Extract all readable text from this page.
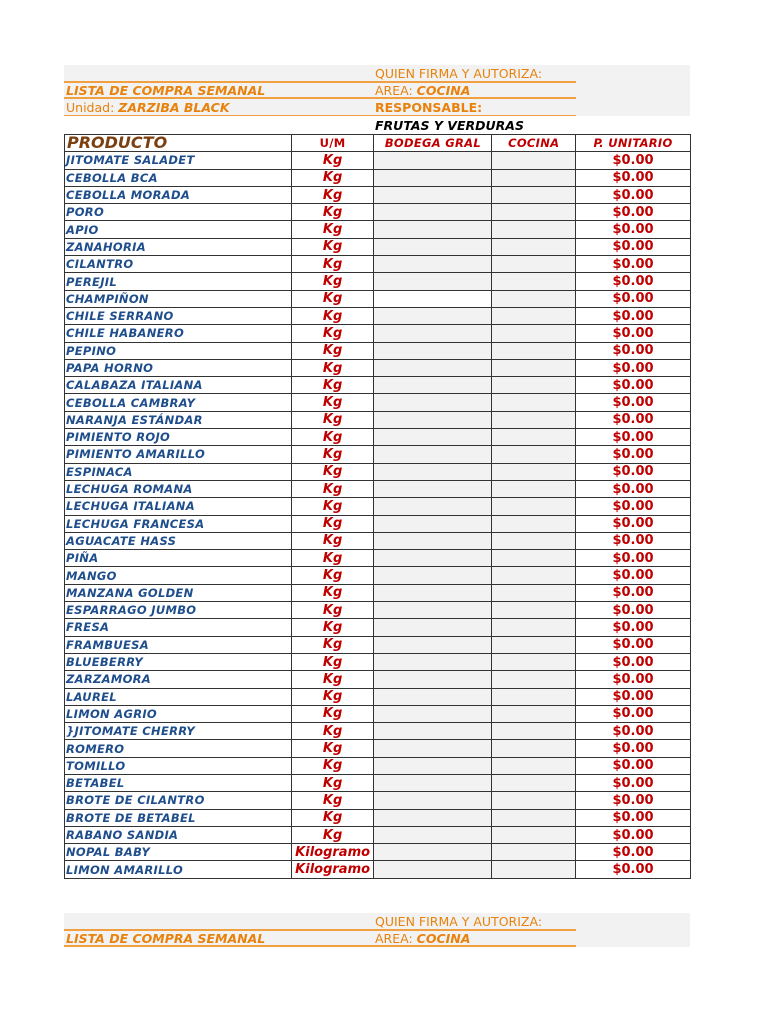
QUIEN FIRMA Y AUTORIZA:
LISTA DE COMPRA SEMANAL	AREA: COCINA
Unidad: ZARZIBA BLACK	RESPONSABLE:
FRUTAS Y VERDURAS
PRODUCTO	U/M	BODEGA GRAL	COCINA	P. UNITARIO
JITOMATE SALADET	Kg			$0.00
CEBOLLA BCA	Kg			$0.00
CEBOLLA MORADA	Kg			$0.00
PORO	Kg			$0.00
APIO	Kg			$0.00
ZANAHORIA	Kg			$0.00
CILANTRO	Kg			$0.00
PEREJIL	Kg			$0.00
CHAMPIÑON	Kg			$0.00
CHILE SERRANO	Kg			$0.00
CHILE HABANERO	Kg			$0.00
PEPINO	Kg			$0.00
PAPA HORNO	Kg			$0.00
CALABAZA ITALIANA	Kg			$0.00
CEBOLLA CAMBRAY	Kg			$0.00
NARANJA ESTÁNDAR	Kg			$0.00
PIMIENTO ROJO	Kg			$0.00
PIMIENTO AMARILLO	Kg			$0.00
ESPINACA	Kg			$0.00
LECHUGA ROMANA	Kg			$0.00
LECHUGA ITALIANA	Kg			$0.00
LECHUGA FRANCESA	Kg			$0.00
AGUACATE HASS	Kg			$0.00
PIÑA	Kg			$0.00
MANGO	Kg			$0.00
MANZANA GOLDEN	Kg			$0.00
ESPARRAGO JUMBO	Kg			$0.00
FRESA	Kg			$0.00
FRAMBUESA	Kg			$0.00
BLUEBERRY	Kg			$0.00
ZARZAMORA	Kg			$0.00
LAUREL	Kg			$0.00
LIMON AGRIO	Kg			$0.00
}JITOMATE CHERRY	Kg			$0.00
ROMERO	Kg			$0.00
TOMILLO	Kg			$0.00
BETABEL	Kg			$0.00
BROTE DE CILANTRO	Kg			$0.00
BROTE DE BETABEL	Kg			$0.00
RABANO SANDIA	Kg			$0.00
NOPAL BABY	Kilogramo			$0.00
LIMON AMARILLO	Kilogramo			$0.00
QUIEN FIRMA Y AUTORIZA:
LISTA DE COMPRA SEMANAL	AREA: COCINA
